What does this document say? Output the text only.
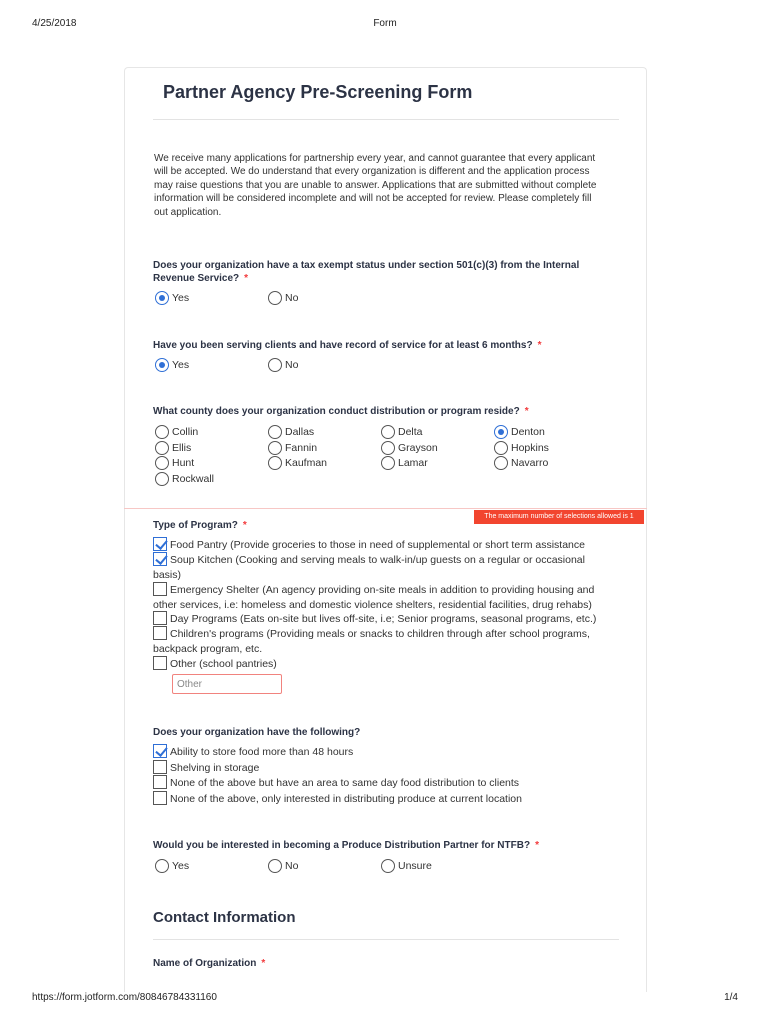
4/25/2018	Form
Partner Agency Pre-Screening Form
We receive many applications for partnership every year, and cannot guarantee that every applicant will be accepted. We do understand that every organization is different and the application process may raise questions that you are unable to answer. Applications that are submitted without complete information will be considered incomplete and will not be accepted for review. Please completely fill out application.
Does your organization have a tax exempt status under section 501(c)(3) from the Internal Revenue Service? *
Yes	No
Have you been serving clients and have record of service for at least 6 months? *
Yes	No
What county does your organization conduct distribution or program reside? *
Collin	Dallas	Delta	Denton
Ellis	Fannin	Grayson	Hopkins
Hunt	Kaufman	Lamar	Navarro
Rockwall
The maximum number of selections allowed is 1
Type of Program? *
Food Pantry (Provide groceries to those in need of supplemental or short term assistance
Soup Kitchen (Cooking and serving meals to walk-in/up guests on a regular or occasional basis)
Emergency Shelter (An agency providing on-site meals in addition to providing housing and other services, i.e: homeless and domestic violence shelters, residential facilities, drug rehabs)
Day Programs (Eats on-site but lives off-site, i.e; Senior programs, seasonal programs, etc.)
Children's programs (Providing meals or snacks to children through after school programs, backpack program, etc.
Other (school pantries)
Other
Does your organization have the following?
Ability to store food more than 48 hours
Shelving in storage
None of the above but have an area to same day food distribution to clients
None of the above, only interested in distributing produce at current location
Would you be interested in becoming a Produce Distribution Partner for NTFB? *
Yes	No	Unsure
Contact Information
Name of Organization *
https://form.jotform.com/80846784331160	1/4
